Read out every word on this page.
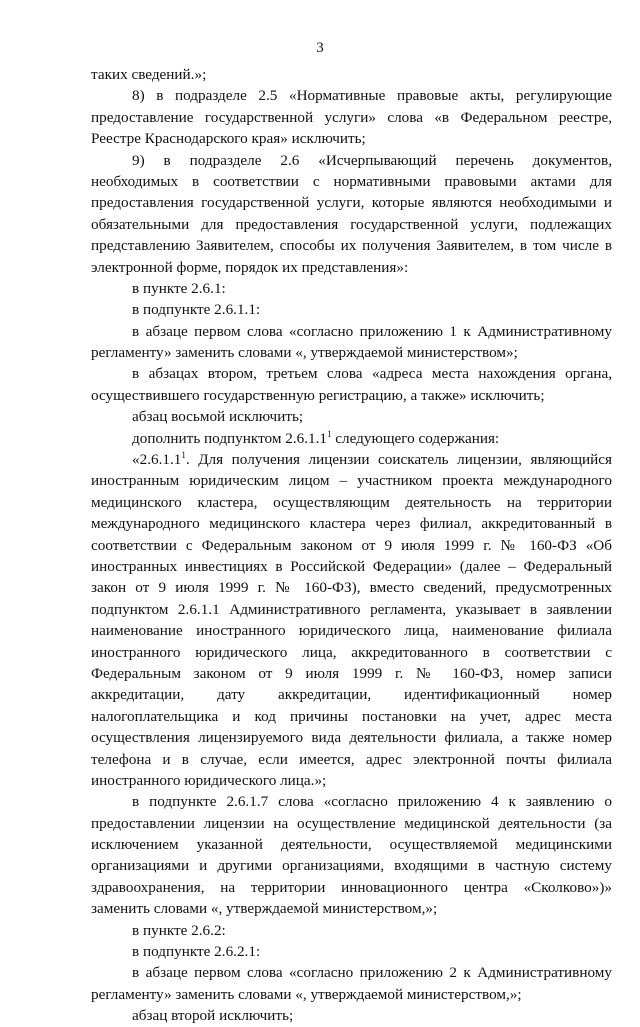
3
таких сведений.»;
8) в подразделе 2.5 «Нормативные правовые акты, регулирующие
предоставление государственной услуги» слова «в Федеральном реестре,
Реестре Краснодарского края» исключить;
9) в подразделе 2.6 «Исчерпывающий перечень документов,
необходимых в соответствии с нормативными правовыми актами для
предоставления государственной услуги, которые являются необходимыми и
обязательными для предоставления государственной услуги, подлежащих
представлению Заявителем, способы их получения Заявителем, в том числе в
электронной форме, порядок их представления»:
в пункте 2.6.1:
в подпункте 2.6.1.1:
в абзаце первом слова «согласно приложению 1 к Административному
регламенту» заменить словами «, утверждаемой министерством»;
в абзацах втором, третьем слова «адреса места нахождения органа,
осуществившего государственную регистрацию, а также» исключить;
абзац восьмой исключить;
дополнить подпунктом 2.6.1.1$^1$ следующего содержания:
«2.6.1.1$^1$. Для получения лицензии соискатель лицензии, являющийся
иностранным юридическим лицом – участником проекта международного
медицинского кластера, осуществляющим деятельность на территории
международного медицинского кластера через филиал, аккредитованный в
соответствии с Федеральным законом от 9 июля 1999 г. № 160-ФЗ «Об
иностранных инвестициях в Российской Федерации» (далее – Федеральный
закон от 9 июля 1999 г. № 160-ФЗ), вместо сведений, предусмотренных
подпунктом 2.6.1.1 Административного регламента, указывает в заявлении
наименование иностранного юридического лица, наименование филиала
иностранного юридического лица, аккредитованного в соответствии с
Федеральным законом от 9 июля 1999 г. № 160-ФЗ, номер записи
аккредитации, дату аккредитации, идентификационный номер
налогоплательщика и код причины постановки на учет, адрес места
осуществления лицензируемого вида деятельности филиала, а также номер
телефона и в случае, если имеется, адрес электронной почты филиала
иностранного юридического лица.»;
в подпункте 2.6.1.7 слова «согласно приложению 4 к заявлению о
предоставлении лицензии на осуществление медицинской деятельности (за
исключением указанной деятельности, осуществляемой медицинскими
организациями и другими организациями, входящими в частную систему
здравоохранения, на территории инновационного центра «Сколково»)»
заменить словами «, утверждаемой министерством,»;
в пункте 2.6.2:
в подпункте 2.6.2.1:
в абзаце первом слова «согласно приложению 2 к Административному
регламенту» заменить словами «, утверждаемой министерством,»;
абзац второй исключить;
